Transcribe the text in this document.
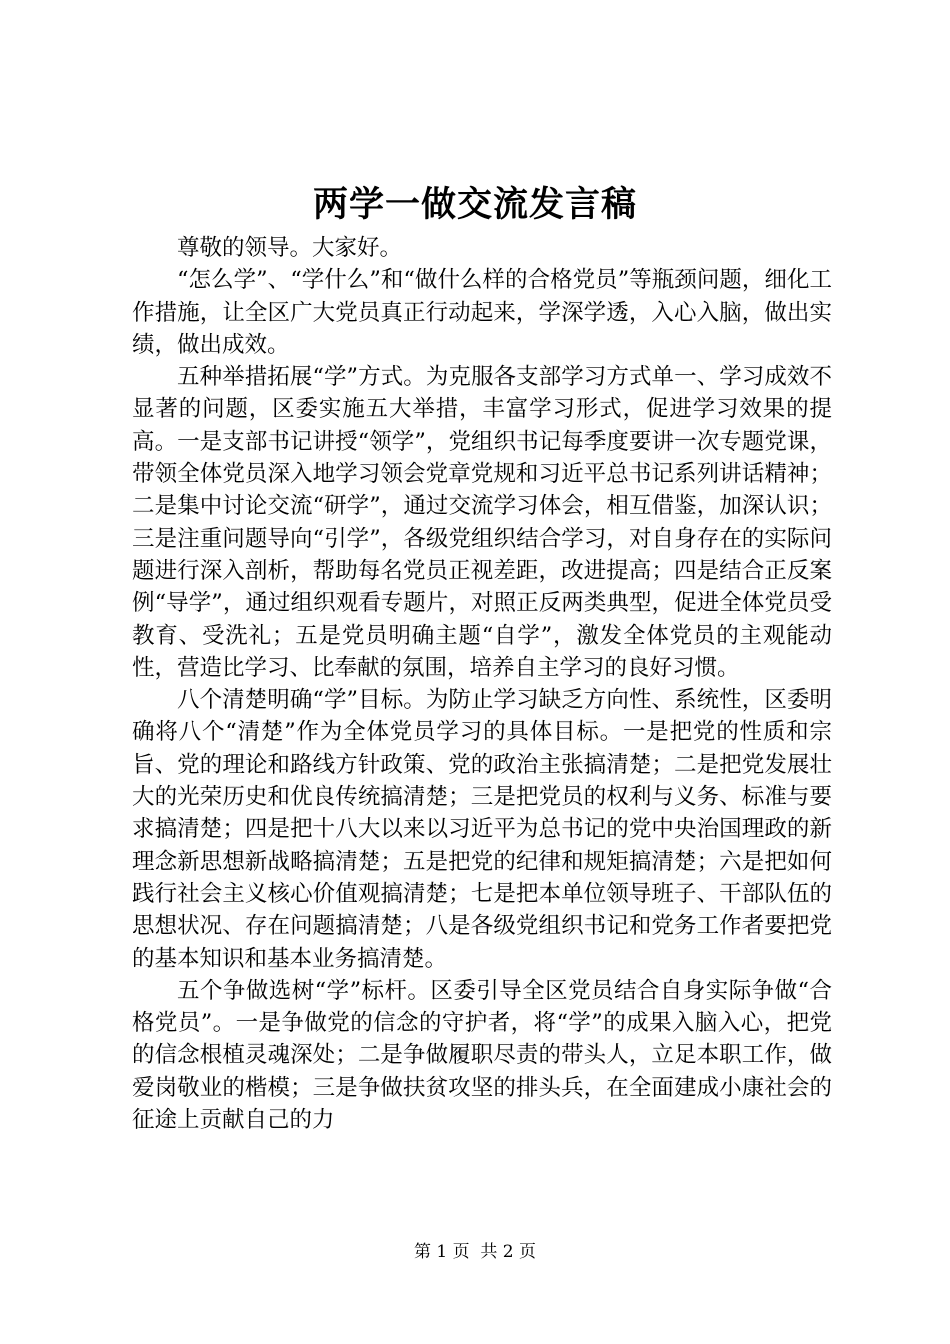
两学一做交流发言稿

尊敬的领导。大家好。

“怎么学”、“学什么”和“做什么样的合格党员”等瓶颈问题，细化工作措施，让全区广大党员真正行动起来，学深学透，入心入脑，做出实绩，做出成效。

五种举措拓展“学”方式。为克服各支部学习方式单一、学习成效不显著的问题，区委实施五大举措，丰富学习形式，促进学习效果的提高。一是支部书记讲授“领学”，党组织书记每季度要讲一次专题党课，带领全体党员深入地学习领会党章党规和习近平总书记系列讲话精神；二是集中讨论交流“研学”，通过交流学习体会，相互借鉴，加深认识；三是注重问题导向“引学”，各级党组织结合学习，对自身存在的实际问题进行深入剖析，帮助每名党员正视差距，改进提高；四是结合正反案例“导学”，通过组织观看专题片，对照正反两类典型，促进全体党员受教育、受洗礼；五是党员明确主题“自学”，激发全体党员的主观能动性，营造比学习、比奉献的氛围，培养自主学习的良好习惯。

八个清楚明确“学”目标。为防止学习缺乏方向性、系统性，区委明确将八个“清楚”作为全体党员学习的具体目标。一是把党的性质和宗旨、党的理论和路线方针政策、党的政治主张搞清楚；二是把党发展壮大的光荣历史和优良传统搞清楚；三是把党员的权利与义务、标准与要求搞清楚；四是把十八大以来以习近平为总书记的党中央治国理政的新理念新思想新战略搞清楚；五是把党的纪律和规矩搞清楚；六是把如何践行社会主义核心价值观搞清楚；七是把本单位领导班子、干部队伍的思想状况、存在问题搞清楚；八是各级党组织书记和党务工作者要把党的基本知识和基本业务搞清楚。

五个争做选树“学”标杆。区委引导全区党员结合自身实际争做“合格党员”。一是争做党的信念的守护者，将“学”的成果入脑入心，把党的信念根植灵魂深处；二是争做履职尽责的带头人，立足本职工作，做爱岗敬业的楷模；三是争做扶贫攻坚的排头兵，在全面建成小康社会的征途上贡献自己的力

第 1 页  共 2 页
